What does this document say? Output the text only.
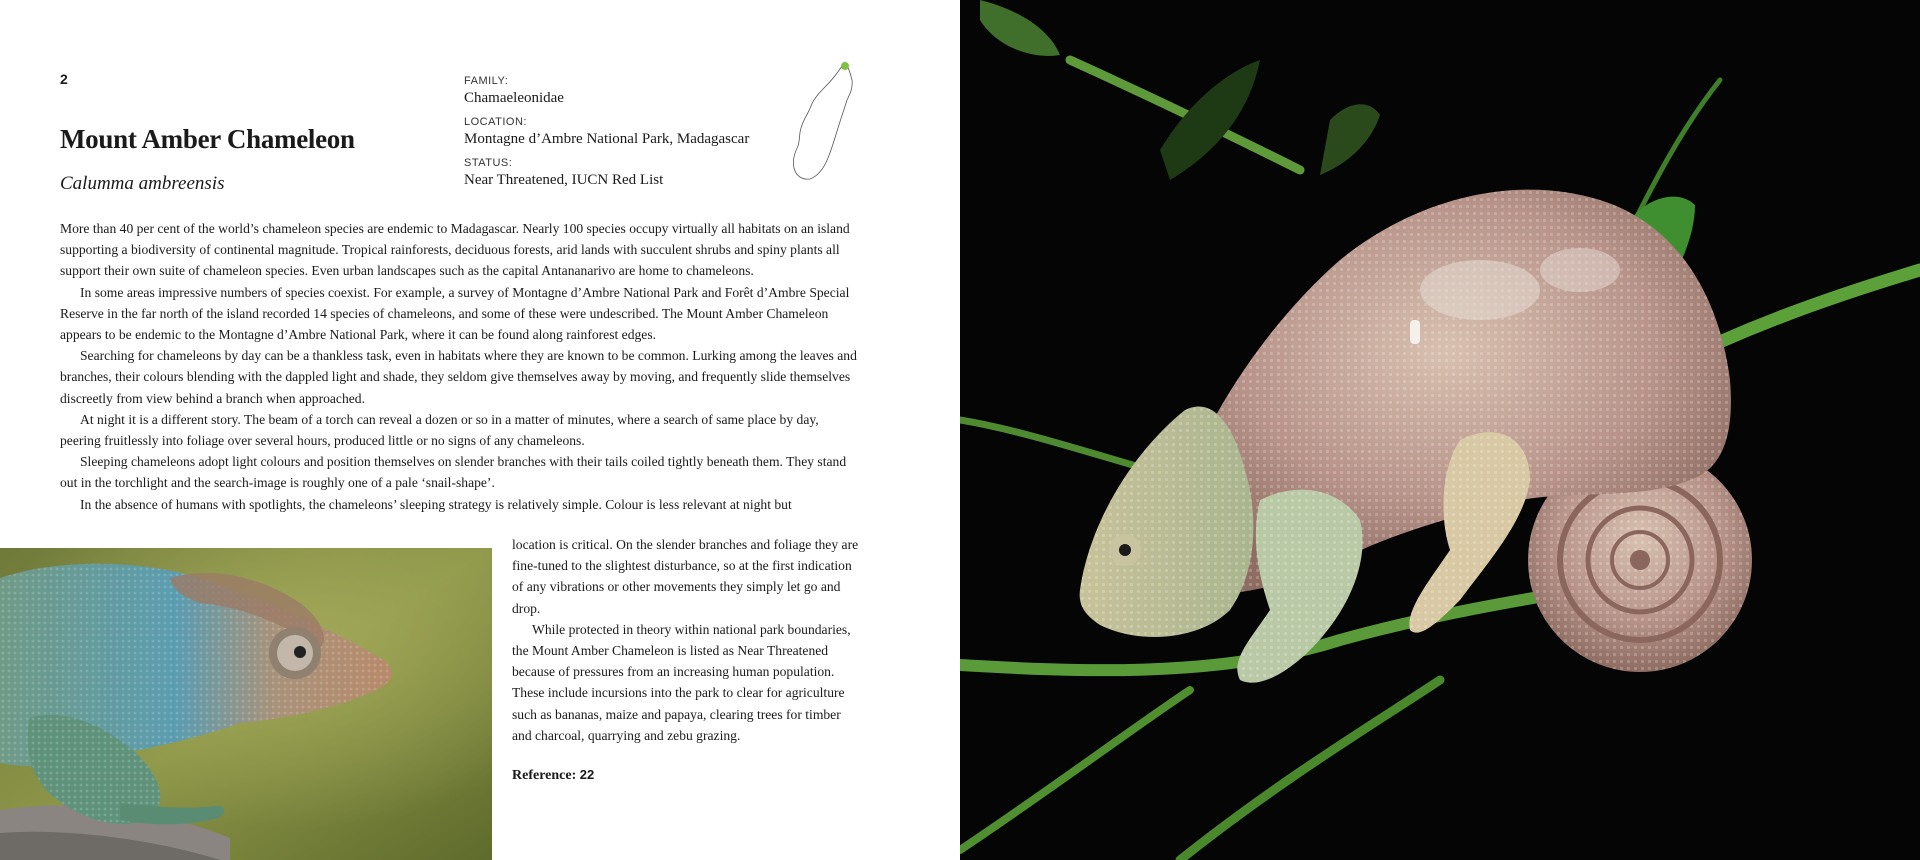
2
Mount Amber Chameleon
Calumma ambreensis
FAMILY:
Chamaeleonidae
LOCATION:
Montagne d’Ambre National Park, Madagascar
STATUS:
Near Threatened, IUCN Red List

More than 40 per cent of the world’s chameleon species are endemic to Madagascar. Nearly 100 species occupy virtually all habitats on an island supporting a biodiversity of continental magnitude. Tropical rainforests, deciduous forests, arid lands with succulent shrubs and spiny plants all support their own suite of chameleon species. Even urban landscapes such as the capital Antananarivo are home to chameleons.

In some areas impressive numbers of species coexist. For example, a survey of Montagne d’Ambre National Park and Forêt d’Ambre Special Reserve in the far north of the island recorded 14 species of chameleons, and some of these were undescribed. The Mount Amber Chameleon appears to be endemic to the Montagne d’Ambre National Park, where it can be found along rainforest edges.

Searching for chameleons by day can be a thankless task, even in habitats where they are known to be common. Lurking among the leaves and branches, their colours blending with the dappled light and shade, they seldom give themselves away by moving, and frequently slide themselves discreetly from view behind a branch when approached.

At night it is a different story. The beam of a torch can reveal a dozen or so in a matter of minutes, where a search of same place by day, peering fruitlessly into foliage over several hours, produced little or no signs of any chameleons.

Sleeping chameleons adopt light colours and position themselves on slender branches with their tails coiled tightly beneath them. They stand out in the torchlight and the search-image is roughly one of a pale ‘snail-shape’.

In the absence of humans with spotlights, the chameleons’ sleeping strategy is relatively simple. Colour is less relevant at night but

location is critical. On the slender branches and foliage they are fine-tuned to the slightest disturbance, so at the first indication of any vibrations or other movements they simply let go and drop.

While protected in theory within national park boundaries, the Mount Amber Chameleon is listed as Near Threatened because of pressures from an increasing human population. These include incursions into the park to clear for agriculture such as bananas, maize and papaya, clearing trees for timber and charcoal, quarrying and zebu grazing.

Reference: 22
